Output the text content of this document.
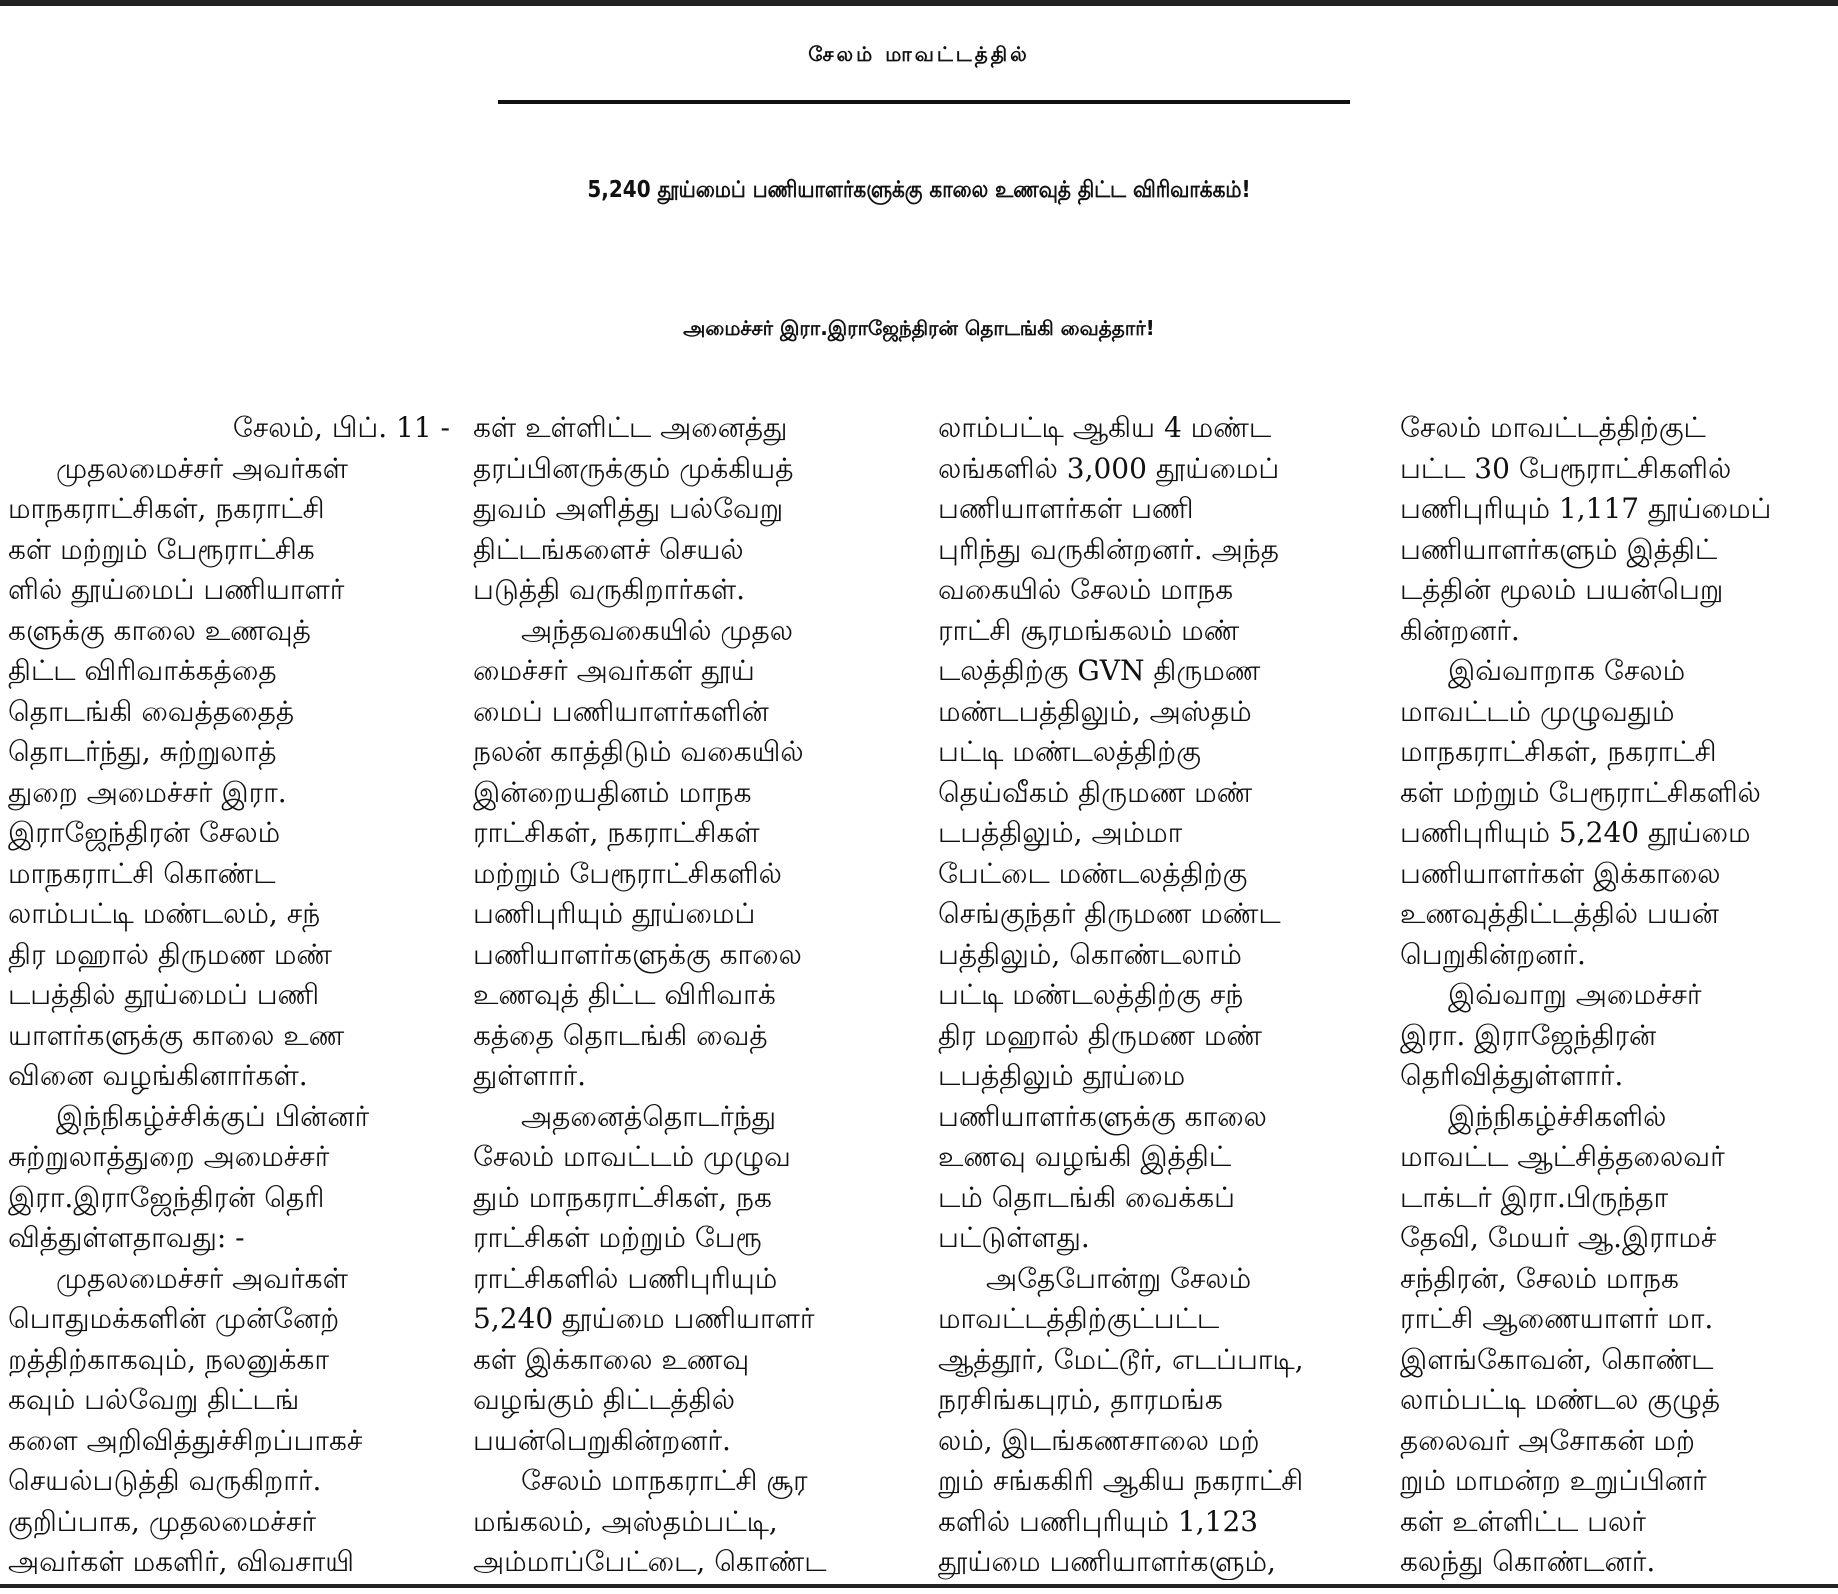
சேலம் மாவட்டத்தில்
5,240 தூய்மைப் பணியாளர்களுக்கு காலை உணவுத் திட்ட விரிவாக்கம்!
அமைச்சர் இரா.இராஜேந்திரன் தொடங்கி வைத்தார்!

சேலம், பிப். 11 -

முதலமைச்சர் அவர்கள்

மாநகராட்சிகள், நகராட்சி

கள் மற்றும் பேரூராட்சிக

ளில் தூய்மைப் பணியாளர்

களுக்கு காலை உணவுத்

திட்ட விரிவாக்கத்தை

தொடங்கி வைத்ததைத்

தொடர்ந்து, சுற்றுலாத்

துறை அமைச்சர் இரா.

இராஜேந்திரன் சேலம்

மாநகராட்சி கொண்ட

லாம்பட்டி மண்டலம், சந்

திர மஹால் திருமண மண்

டபத்தில் தூய்மைப் பணி

யாளர்களுக்கு காலை உண

வினை வழங்கினார்கள்.

இந்நிகழ்ச்சிக்குப் பின்னர்

சுற்றுலாத்துறை அமைச்சர்

இரா.இராஜேந்திரன் தெரி

வித்துள்ளதாவது: -

முதலமைச்சர் அவர்கள்

பொதுமக்களின் முன்னேற்

றத்திற்காகவும், நலனுக்கா

கவும் பல்வேறு திட்டங்

களை அறிவித்துச்சிறப்பாகச்

செயல்படுத்தி வருகிறார்.

குறிப்பாக, முதலமைச்சர்

அவர்கள் மகளிர், விவசாயி

கள் உள்ளிட்ட அனைத்து

தரப்பினருக்கும் முக்கியத்

துவம் அளித்து பல்வேறு

திட்டங்களைச் செயல்

படுத்தி வருகிறார்கள்.

அந்தவகையில் முதல

மைச்சர் அவர்கள் தூய்

மைப் பணியாளர்களின்

நலன் காத்திடும் வகையில்

இன்றையதினம் மாநக

ராட்சிகள், நகராட்சிகள்

மற்றும் பேரூராட்சிகளில்

பணிபுரியும் தூய்மைப்

பணியாளர்களுக்கு காலை

உணவுத் திட்ட விரிவாக்

கத்தை தொடங்கி வைத்

துள்ளார்.

அதனைத்தொடர்ந்து

சேலம் மாவட்டம் முழுவ

தும் மாநகராட்சிகள், நக

ராட்சிகள் மற்றும் பேரூ

ராட்சிகளில் பணிபுரியும்

5,240 தூய்மை பணியாளர்

கள் இக்காலை உணவு

வழங்கும் திட்டத்தில்

பயன்பெறுகின்றனர்.

சேலம் மாநகராட்சி சூர

மங்கலம், அஸ்தம்பட்டி,

அம்மாப்பேட்டை, கொண்ட

லாம்பட்டி ஆகிய 4 மண்ட

லங்களில் 3,000 தூய்மைப்

பணியாளர்கள் பணி

புரிந்து வருகின்றனர். அந்த

வகையில் சேலம் மாநக

ராட்சி சூரமங்கலம் மண்

டலத்திற்கு GVN திருமண

மண்டபத்திலும், அஸ்தம்

பட்டி மண்டலத்திற்கு

தெய்வீகம் திருமண மண்

டபத்திலும், அம்மா

பேட்டை மண்டலத்திற்கு

செங்குந்தர் திருமண மண்ட

பத்திலும், கொண்டலாம்

பட்டி மண்டலத்திற்கு சந்

திர மஹால் திருமண மண்

டபத்திலும் தூய்மை

பணியாளர்களுக்கு காலை

உணவு வழங்கி இத்திட்

டம் தொடங்கி வைக்கப்

பட்டுள்ளது.

அதேபோன்று சேலம்

மாவட்டத்திற்குட்பட்ட

ஆத்தூர், மேட்டூர், எடப்பாடி,

நரசிங்கபுரம், தாரமங்க

லம், இடங்கணசாலை மற்

றும் சங்ககிரி ஆகிய நகராட்சி

களில் பணிபுரியும் 1,123

தூய்மை பணியாளர்களும்,

சேலம் மாவட்டத்திற்குட்

பட்ட 30 பேரூராட்சிகளில்

பணிபுரியும் 1,117 தூய்மைப்

பணியாளர்களும் இத்திட்

டத்தின் மூலம் பயன்பெறு

கின்றனர்.

இவ்வாறாக சேலம்

மாவட்டம் முழுவதும்

மாநகராட்சிகள், நகராட்சி

கள் மற்றும் பேரூராட்சிகளில்

பணிபுரியும் 5,240 தூய்மை

பணியாளர்கள் இக்காலை

உணவுத்திட்டத்தில் பயன்

பெறுகின்றனர்.

இவ்வாறு அமைச்சர்

இரா. இராஜேந்திரன்

தெரிவித்துள்ளார்.

இந்நிகழ்ச்சிகளில்

மாவட்ட ஆட்சித்தலைவர்

டாக்டர் இரா.பிருந்தா

தேவி, மேயர் ஆ.இராமச்

சந்திரன், சேலம் மாநக

ராட்சி ஆணையாளர் மா.

இளங்கோவன், கொண்ட

லாம்பட்டி மண்டல குழுத்

தலைவர் அசோகன் மற்

றும் மாமன்ற உறுப்பினர்

கள் உள்ளிட்ட பலர்

கலந்து கொண்டனர்.
